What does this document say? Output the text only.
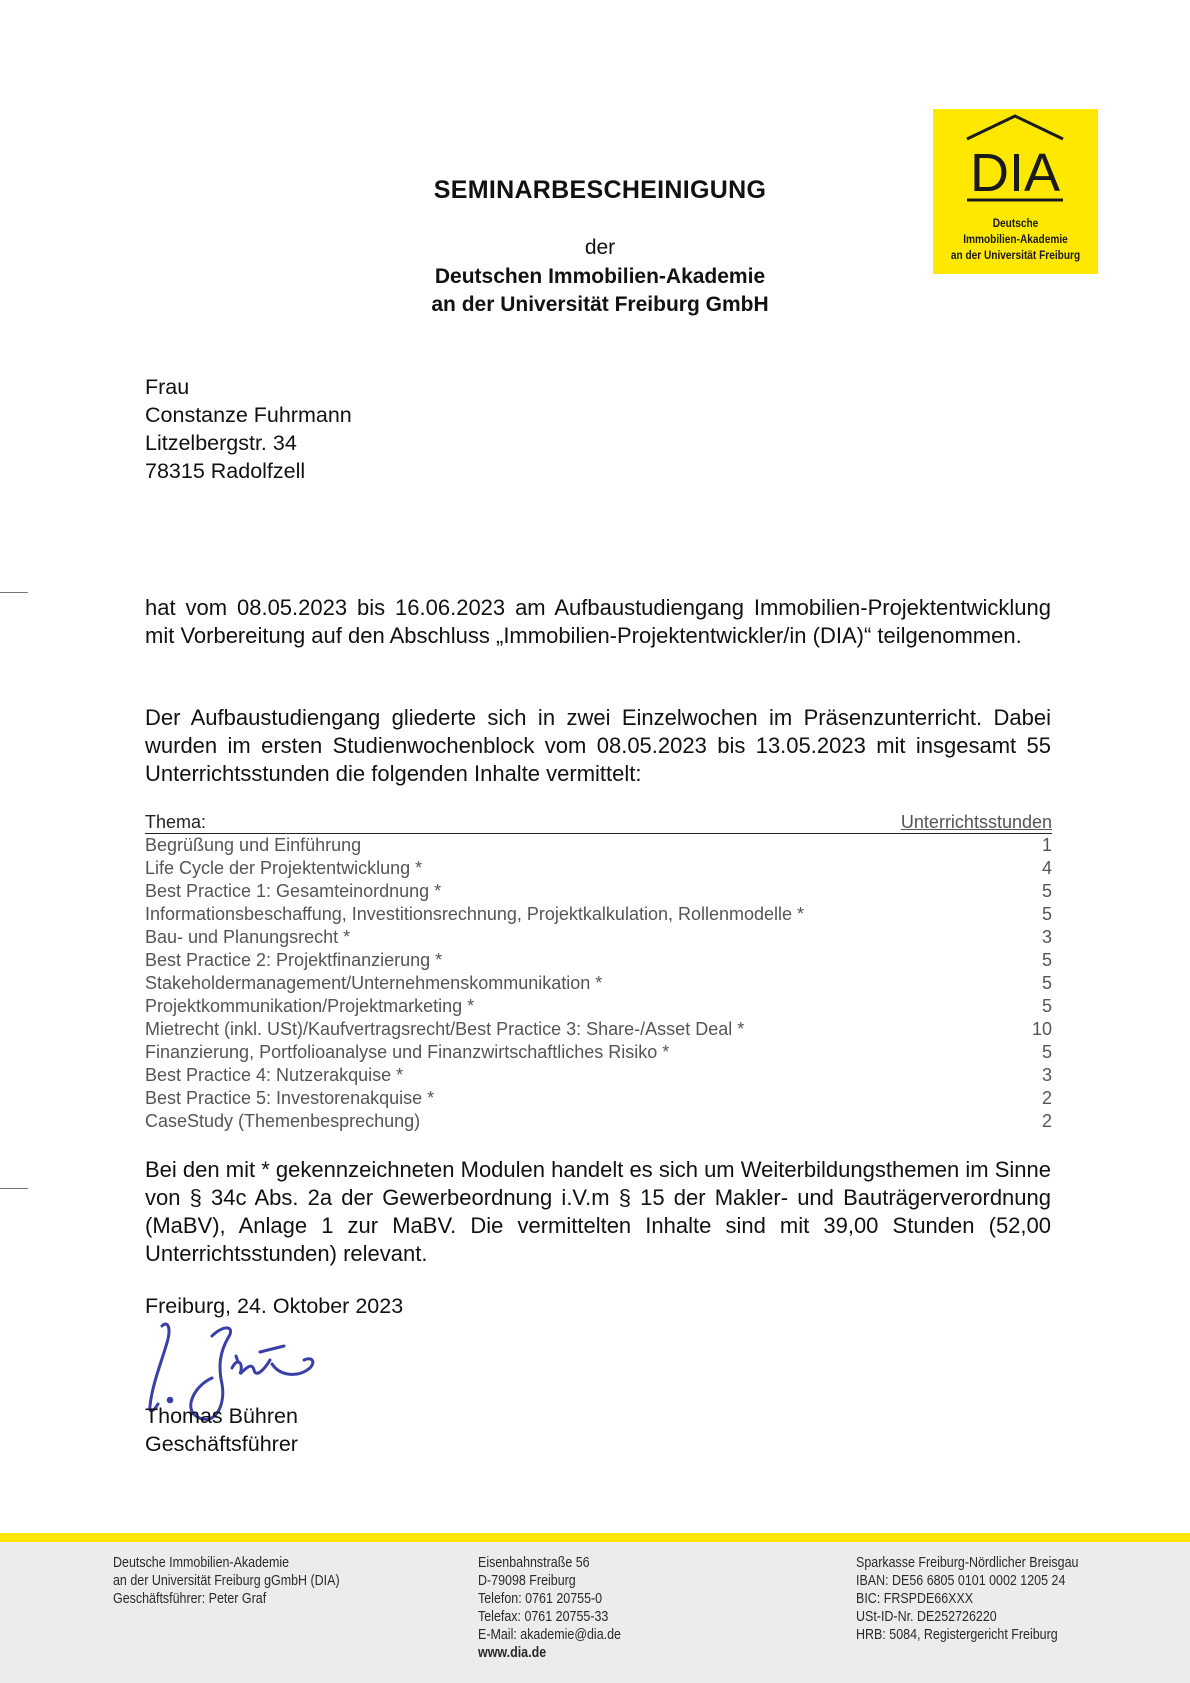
DIA
Deutsche
Immobilien-Akademie
an der Universität Freiburg
SEMINARBESCHEINIGUNG
der
Deutschen Immobilien-Akademie
an der Universität Freiburg GmbH
Frau
Constanze Fuhrmann
Litzelbergstr. 34
78315 Radolfzell
hat vom 08.05.2023 bis 16.06.2023 am Aufbaustudiengang Immobilien-Projektentwicklung mit Vorbereitung auf den Abschluss „Immobilien-Projektentwickler/in (DIA)“ teilgenommen.
Der Aufbaustudiengang gliederte sich in zwei Einzelwochen im Präsenzunterricht. Dabei wurden im ersten Studienwochenblock vom 08.05.2023 bis 13.05.2023 mit insgesamt 55 Unterrichtsstunden die folgenden Inhalte vermittelt:
Thema:	Unterrichtsstunden
Begrüßung und Einführung	1
Life Cycle der Projektentwicklung *	4
Best Practice 1: Gesamteinordnung *	5
Informationsbeschaffung, Investitionsrechnung, Projektkalkulation, Rollenmodelle *	5
Bau- und Planungsrecht *	3
Best Practice 2: Projektfinanzierung *	5
Stakeholdermanagement/Unternehmenskommunikation *	5
Projektkommunikation/Projektmarketing *	5
Mietrecht (inkl. USt)/Kaufvertragsrecht/Best Practice 3: Share-/Asset Deal *	10
Finanzierung, Portfolioanalyse und Finanzwirtschaftliches Risiko *	5
Best Practice 4: Nutzerakquise *	3
Best Practice 5: Investorenakquise *	2
CaseStudy (Themenbesprechung)	2
Bei den mit * gekennzeichneten Modulen handelt es sich um Weiterbildungsthemen im Sinne von § 34c Abs. 2a der Gewerbeordnung i.V.m § 15 der Makler- und Bauträgerverordnung (MaBV), Anlage 1 zur MaBV. Die vermittelten Inhalte sind mit 39,00 Stunden (52,00 Unterrichtsstunden) relevant.
Freiburg, 24. Oktober 2023
Thomas Bühren
Geschäftsführer
Deutsche Immobilien-Akademie
an der Universität Freiburg gGmbH (DIA)
Geschäftsführer: Peter Graf
Eisenbahnstraße 56
D-79098 Freiburg
Telefon: 0761 20755-0
Telefax: 0761 20755-33
E-Mail: akademie@dia.de
www.dia.de
Sparkasse Freiburg-Nördlicher Breisgau
IBAN: DE56 6805 0101 0002 1205 24
BIC: FRSPDE66XXX
USt-ID-Nr. DE252726220
HRB: 5084, Registergericht Freiburg
